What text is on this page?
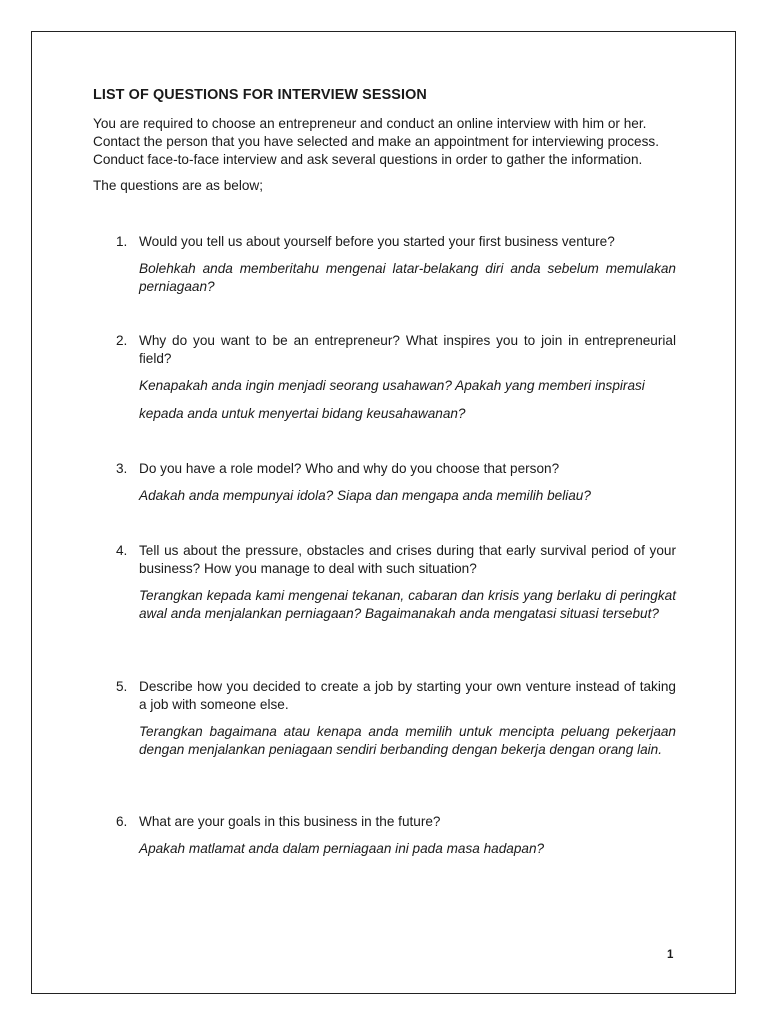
LIST OF QUESTIONS FOR INTERVIEW SESSION

You are required to choose an entrepreneur and conduct an online interview with him or her. Contact the person that you have selected and make an appointment for interviewing process. Conduct face-to-face interview and ask several questions in order to gather the information.

The questions are as below;

1. Would you tell us about yourself before you started your first business venture?

Bolehkah anda memberitahu mengenai latar-belakang diri anda sebelum memulakan perniagaan?

2. Why do you want to be an entrepreneur? What inspires you to join in entrepreneurial field?

Kenapakah anda ingin menjadi seorang usahawan? Apakah yang memberi inspirasi

kepada anda untuk menyertai bidang keusahawanan?

3. Do you have a role model? Who and why do you choose that person?

Adakah anda mempunyai idola? Siapa dan mengapa anda memilih beliau?

4. Tell us about the pressure, obstacles and crises during that early survival period of your business? How you manage to deal with such situation?

Terangkan kepada kami mengenai tekanan, cabaran dan krisis yang berlaku di peringkat awal anda menjalankan perniagaan? Bagaimanakah anda mengatasi situasi tersebut?

5. Describe how you decided to create a job by starting your own venture instead of taking a job with someone else.

Terangkan bagaimana atau kenapa anda memilih untuk mencipta peluang pekerjaan dengan menjalankan peniagaan sendiri berbanding dengan bekerja dengan orang lain.

6. What are your goals in this business in the future?

Apakah matlamat anda dalam perniagaan ini pada masa hadapan?

1
